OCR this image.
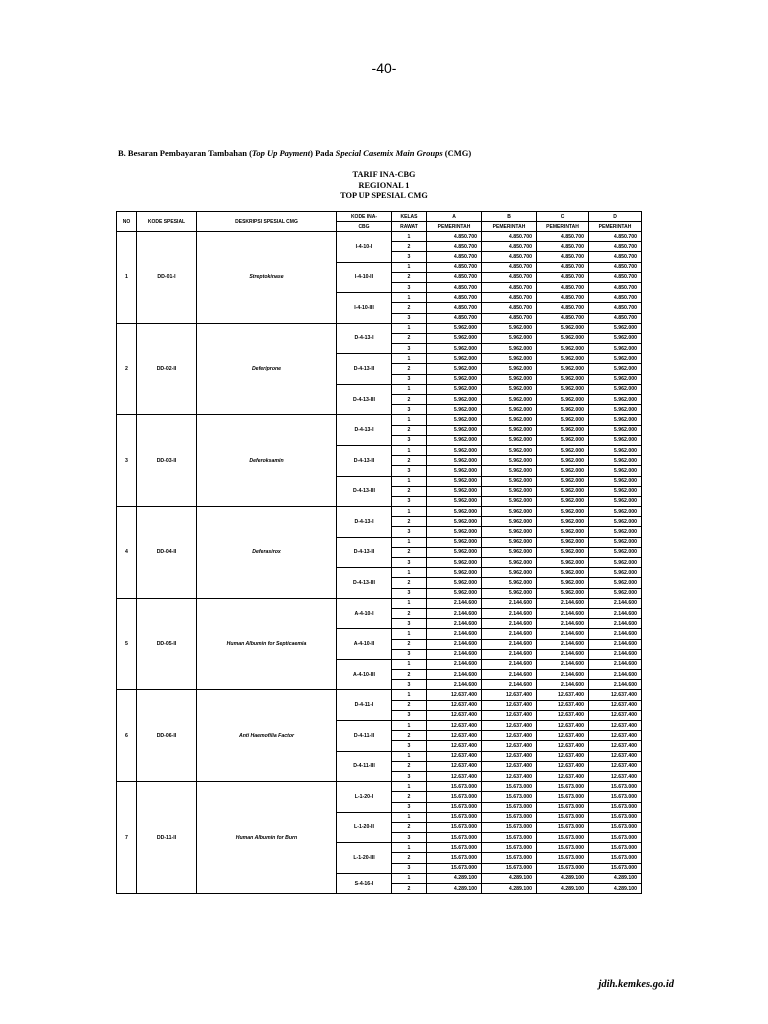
-40-
B. Besaran Pembayaran Tambahan (Top Up Payment) Pada Special Casemix Main Groups (CMG)
TARIF INA-CBG
REGIONAL 1
TOP UP SPESIAL CMG
NO	KODE SPESIAL	DESKRIPSI SPESIAL CMG	KODE INA-	KELAS	A	B	C	D
			CBG	RAWAT	PEMERINTAH	PEMERINTAH	PEMERINTAH	PEMERINTAH
1	DD-01-I	Streptokinase	I-4-10-I	1	4.850.700	4.850.700	4.850.700	4.850.700
				2	4.850.700	4.850.700	4.850.700	4.850.700
				3	4.850.700	4.850.700	4.850.700	4.850.700
			I-4-10-II	1	4.850.700	4.850.700	4.850.700	4.850.700
				2	4.850.700	4.850.700	4.850.700	4.850.700
				3	4.850.700	4.850.700	4.850.700	4.850.700
			I-4-10-III	1	4.850.700	4.850.700	4.850.700	4.850.700
				2	4.850.700	4.850.700	4.850.700	4.850.700
				3	4.850.700	4.850.700	4.850.700	4.850.700
2	DD-02-II	Deferiprone	D-4-13-I	1	5.962.000	5.962.000	5.962.000	5.962.000
				2	5.962.000	5.962.000	5.962.000	5.962.000
				3	5.962.000	5.962.000	5.962.000	5.962.000
			D-4-13-II	1	5.962.000	5.962.000	5.962.000	5.962.000
				2	5.962.000	5.962.000	5.962.000	5.962.000
				3	5.962.000	5.962.000	5.962.000	5.962.000
			D-4-13-III	1	5.962.000	5.962.000	5.962.000	5.962.000
				2	5.962.000	5.962.000	5.962.000	5.962.000
				3	5.962.000	5.962.000	5.962.000	5.962.000
3	DD-03-II	Deferoksamin	D-4-13-I	1	5.962.000	5.962.000	5.962.000	5.962.000
				2	5.962.000	5.962.000	5.962.000	5.962.000
				3	5.962.000	5.962.000	5.962.000	5.962.000
			D-4-13-II	1	5.962.000	5.962.000	5.962.000	5.962.000
				2	5.962.000	5.962.000	5.962.000	5.962.000
				3	5.962.000	5.962.000	5.962.000	5.962.000
			D-4-13-III	1	5.962.000	5.962.000	5.962.000	5.962.000
				2	5.962.000	5.962.000	5.962.000	5.962.000
				3	5.962.000	5.962.000	5.962.000	5.962.000
4	DD-04-II	Deferasirox	D-4-13-I	1	5.962.000	5.962.000	5.962.000	5.962.000
				2	5.962.000	5.962.000	5.962.000	5.962.000
				3	5.962.000	5.962.000	5.962.000	5.962.000
			D-4-13-II	1	5.962.000	5.962.000	5.962.000	5.962.000
				2	5.962.000	5.962.000	5.962.000	5.962.000
				3	5.962.000	5.962.000	5.962.000	5.962.000
			D-4-13-III	1	5.962.000	5.962.000	5.962.000	5.962.000
				2	5.962.000	5.962.000	5.962.000	5.962.000
				3	5.962.000	5.962.000	5.962.000	5.962.000
5	DD-05-II	Human Albumin for Septicaemia	A-4-10-I	1	2.144.600	2.144.600	2.144.600	2.144.600
				2	2.144.600	2.144.600	2.144.600	2.144.600
				3	2.144.600	2.144.600	2.144.600	2.144.600
			A-4-10-II	1	2.144.600	2.144.600	2.144.600	2.144.600
				2	2.144.600	2.144.600	2.144.600	2.144.600
				3	2.144.600	2.144.600	2.144.600	2.144.600
			A-4-10-III	1	2.144.600	2.144.600	2.144.600	2.144.600
				2	2.144.600	2.144.600	2.144.600	2.144.600
				3	2.144.600	2.144.600	2.144.600	2.144.600
6	DD-06-II	Anti Haemofilia Factor	D-4-11-I	1	12.637.400	12.637.400	12.637.400	12.637.400
				2	12.637.400	12.637.400	12.637.400	12.637.400
				3	12.637.400	12.637.400	12.637.400	12.637.400
			D-4-11-II	1	12.637.400	12.637.400	12.637.400	12.637.400
				2	12.637.400	12.637.400	12.637.400	12.637.400
				3	12.637.400	12.637.400	12.637.400	12.637.400
			D-4-11-III	1	12.637.400	12.637.400	12.637.400	12.637.400
				2	12.637.400	12.637.400	12.637.400	12.637.400
				3	12.637.400	12.637.400	12.637.400	12.637.400
7	DD-11-II	Human Albumin for Burn	L-1-20-I	1	15.673.000	15.673.000	15.673.000	15.673.000
				2	15.673.000	15.673.000	15.673.000	15.673.000
				3	15.673.000	15.673.000	15.673.000	15.673.000
			L-1-20-II	1	15.673.000	15.673.000	15.673.000	15.673.000
				2	15.673.000	15.673.000	15.673.000	15.673.000
				3	15.673.000	15.673.000	15.673.000	15.673.000
			L-1-20-III	1	15.673.000	15.673.000	15.673.000	15.673.000
				2	15.673.000	15.673.000	15.673.000	15.673.000
				3	15.673.000	15.673.000	15.673.000	15.673.000
			S-4-16-I	1	4.289.100	4.289.100	4.289.100	4.289.100
				2	4.289.100	4.289.100	4.289.100	4.289.100
jdih.kemkes.go.id
